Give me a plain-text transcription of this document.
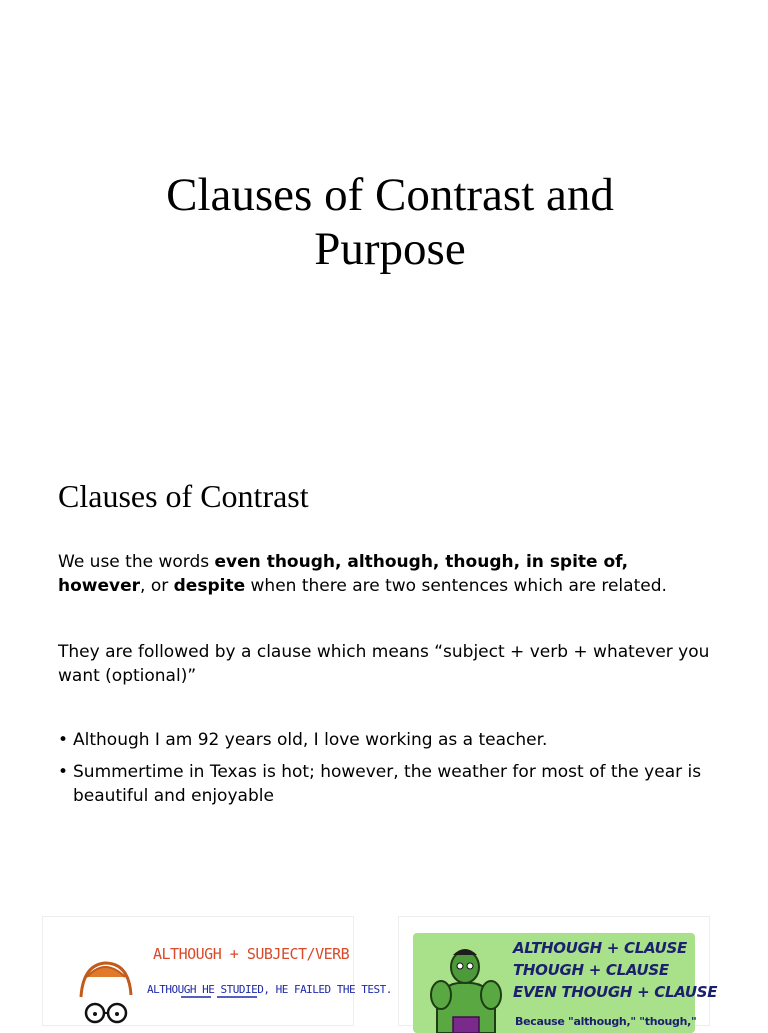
Clauses of Contrast and
Purpose
Clauses of Contrast

We use the words even though, although, though, in spite of, however, or despite when there are two sentences which are related.

They are followed by a clause which means “subject + verb + whatever you want (optional)”

• Although I am 92 years old, I love working as a teacher.
• Summertime in Texas is hot; however, the weather for most of the year is beautiful and enjoyable
ALTHOUGH + SUBJECT/VERB
ALTHOUGH HE STUDIED, HE FAILED THE TEST.
ALTHOUGH + CLAUSE
THOUGH + CLAUSE
EVEN THOUGH + CLAUSE
Because "although," "though,"
